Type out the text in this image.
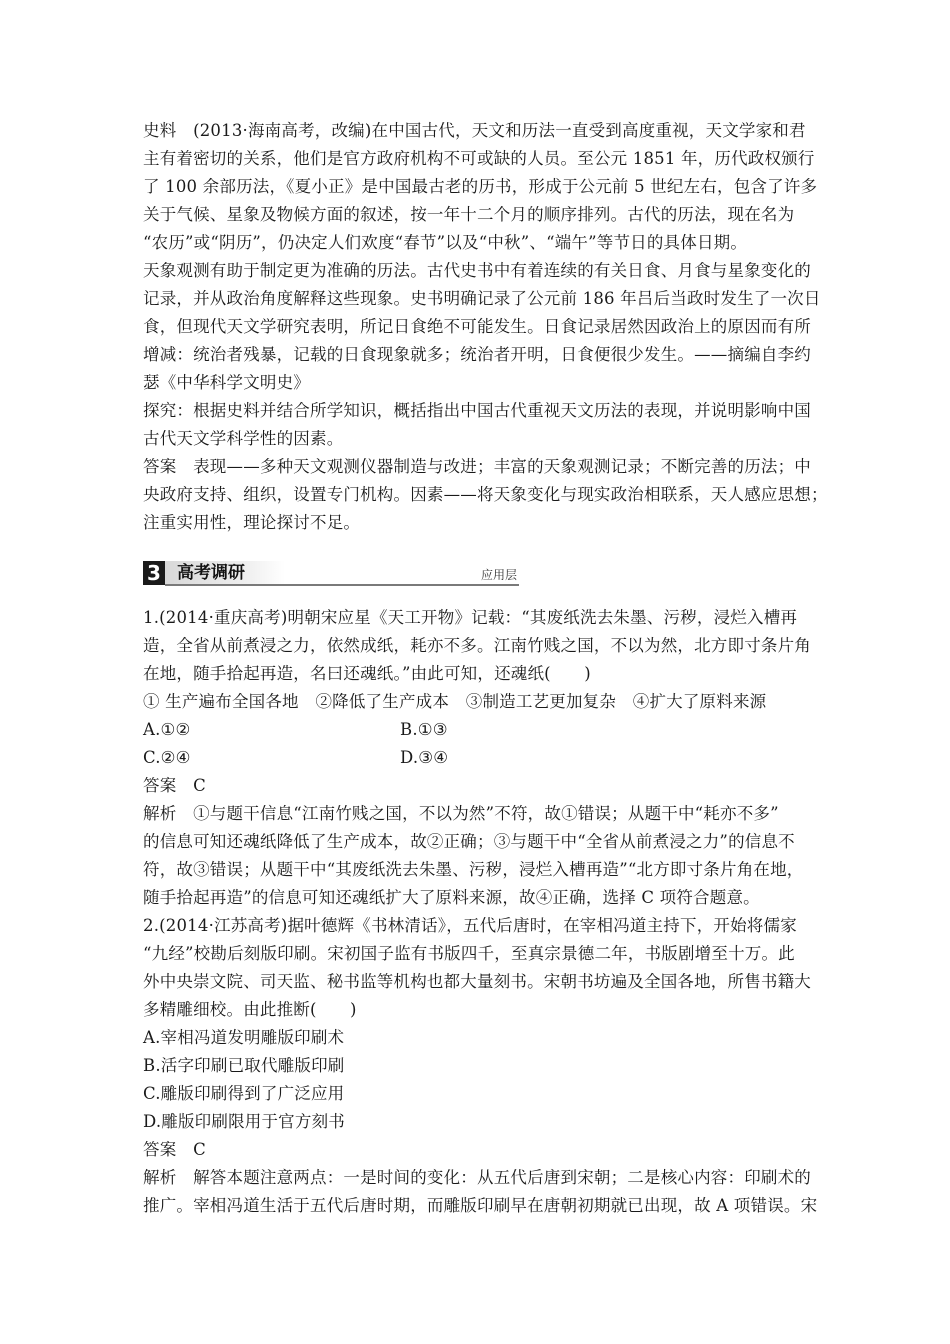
史料　(2013·海南高考，改编)在中国古代，天文和历法一直受到高度重视，天文学家和君
主有着密切的关系，他们是官方政府机构不可或缺的人员。至公元 1851 年，历代政权颁行
了 100 余部历法，《夏小正》是中国最古老的历书，形成于公元前 5 世纪左右，包含了许多
关于气候、星象及物候方面的叙述，按一年十二个月的顺序排列。古代的历法，现在名为
“农历”或“阴历”，仍决定人们欢度“春节”以及“中秋”、“端午”等节日的具体日期。
天象观测有助于制定更为准确的历法。古代史书中有着连续的有关日食、月食与星象变化的
记录，并从政治角度解释这些现象。史书明确记录了公元前 186 年吕后当政时发生了一次日
食，但现代天文学研究表明，所记日食绝不可能发生。日食记录居然因政治上的原因而有所
增减：统治者残暴，记载的日食现象就多；统治者开明，日食便很少发生。——摘编自李约
瑟《中华科学文明史》
探究：根据史料并结合所学知识，概括指出中国古代重视天文历法的表现，并说明影响中国
古代天文学科学性的因素。
答案　表现——多种天文观测仪器制造与改进；丰富的天象观测记录；不断完善的历法；中
央政府支持、组织，设置专门机构。因素——将天象变化与现实政治相联系，天人感应思想；
注重实用性，理论探讨不足。
3 高考调研	应用层
1.(2014·重庆高考)明朝宋应星《天工开物》记载：“其废纸洗去朱墨、污秽，浸烂入槽再
造，全省从前煮浸之力，依然成纸，耗亦不多。江南竹贱之国，不以为然，北方即寸条片角
在地，随手拾起再造，名曰还魂纸。”由此可知，还魂纸(　　)
① 生产遍布全国各地　②降低了生产成本　③制造工艺更加复杂　④扩大了原料来源
A.①②	B.①③
C.②④	D.③④
答案　C
解析　①与题干信息“江南竹贱之国，不以为然”不符，故①错误；从题干中“耗亦不多”
的信息可知还魂纸降低了生产成本，故②正确；③与题干中“全省从前煮浸之力”的信息不
符，故③错误；从题干中“其废纸洗去朱墨、污秽，浸烂入槽再造”“北方即寸条片角在地，
随手拾起再造”的信息可知还魂纸扩大了原料来源，故④正确，选择 C 项符合题意。
2.(2014·江苏高考)据叶德辉《书林清话》，五代后唐时，在宰相冯道主持下，开始将儒家
“九经”校勘后刻版印刷。宋初国子监有书版四千，至真宗景德二年，书版剧增至十万。此
外中央崇文院、司天监、秘书监等机构也都大量刻书。宋朝书坊遍及全国各地，所售书籍大
多精雕细校。由此推断(　　)
A.宰相冯道发明雕版印刷术
B.活字印刷已取代雕版印刷
C.雕版印刷得到了广泛应用
D.雕版印刷限用于官方刻书
答案　C
解析　解答本题注意两点：一是时间的变化：从五代后唐到宋朝；二是核心内容：印刷术的
推广。宰相冯道生活于五代后唐时期，而雕版印刷早在唐朝初期就已出现，故 A 项错误。宋
